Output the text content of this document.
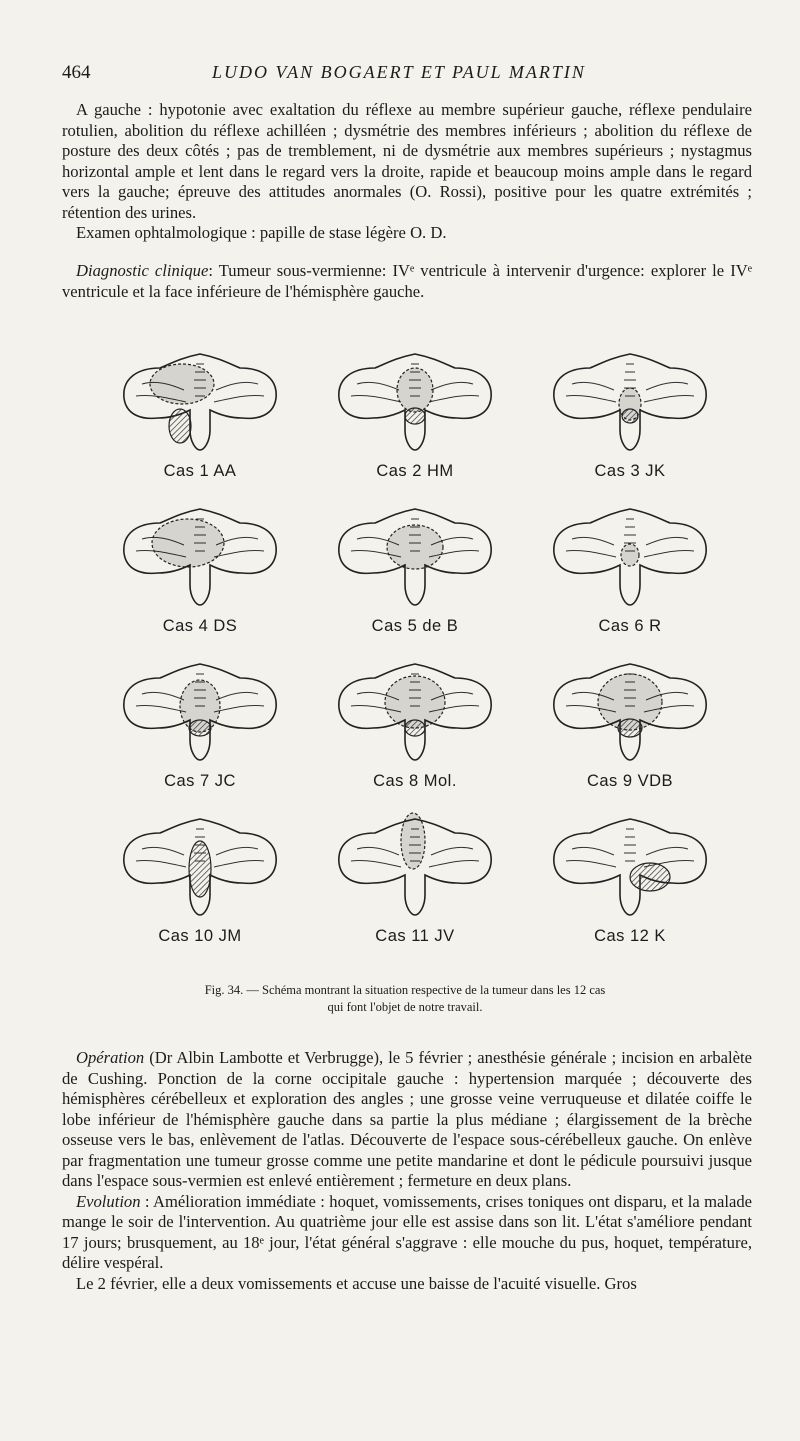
464	LUDO VAN BOGAERT ET PAUL MARTIN

A gauche : hypotonie avec exaltation du réflexe au membre supérieur gauche, réflexe pendulaire rotulien, abolition du réflexe achilléen ; dysmétrie des membres inférieurs ; abolition du réflexe de posture des deux côtés ; pas de tremblement, ni de dysmétrie aux membres supérieurs ; nystagmus horizontal ample et lent dans le regard vers la droite, rapide et beaucoup moins ample dans le regard vers la gauche; épreuve des attitudes anormales (O. Rossi), positive pour les quatre extrémités ; rétention des urines.

Examen ophtalmologique : papille de stase légère O. D.

Diagnostic clinique: Tumeur sous-vermienne: IVᵉ ventricule à intervenir d'urgence: explorer le IVᵉ ventricule et la face inférieure de l'hémisphère gauche.

Cas 1 AA	Cas 2 HM	Cas 3 JK
Cas 4 DS	Cas 5 de B	Cas 6 R
Cas 7 JC	Cas 8 Mol.	Cas 9 VDB
Cas 10 JM	Cas 11 JV	Cas 12 K
Fig. 34. — Schéma montrant la situation respective de la tumeur dans les 12 cas
qui font l'objet de notre travail.

Opération (Dr Albin Lambotte et Verbrugge), le 5 février ; anesthésie générale ; incision en arbalète de Cushing. Ponction de la corne occipitale gauche : hypertension marquée ; découverte des hémisphères cérébelleux et exploration des angles ; une grosse veine verruqueuse et dilatée coiffe le lobe inférieur de l'hémisphère gauche dans sa partie la plus médiane ; élargissement de la brèche osseuse vers le bas, enlèvement de l'atlas. Découverte de l'espace sous-cérébelleux gauche. On enlève par fragmentation une tumeur grosse comme une petite mandarine et dont le pédicule poursuivi jusque dans l'espace sous-vermien est enlevé entièrement ; fermeture en deux plans.

Evolution : Amélioration immédiate : hoquet, vomissements, crises toniques ont disparu, et la malade mange le soir de l'intervention. Au quatrième jour elle est assise dans son lit. L'état s'améliore pendant 17 jours; brusquement, au 18ᵉ jour, l'état général s'aggrave : elle mouche du pus, hoquet, température, délire vespéral.

Le 2 février, elle a deux vomissements et accuse une baisse de l'acuité visuelle. Gros
